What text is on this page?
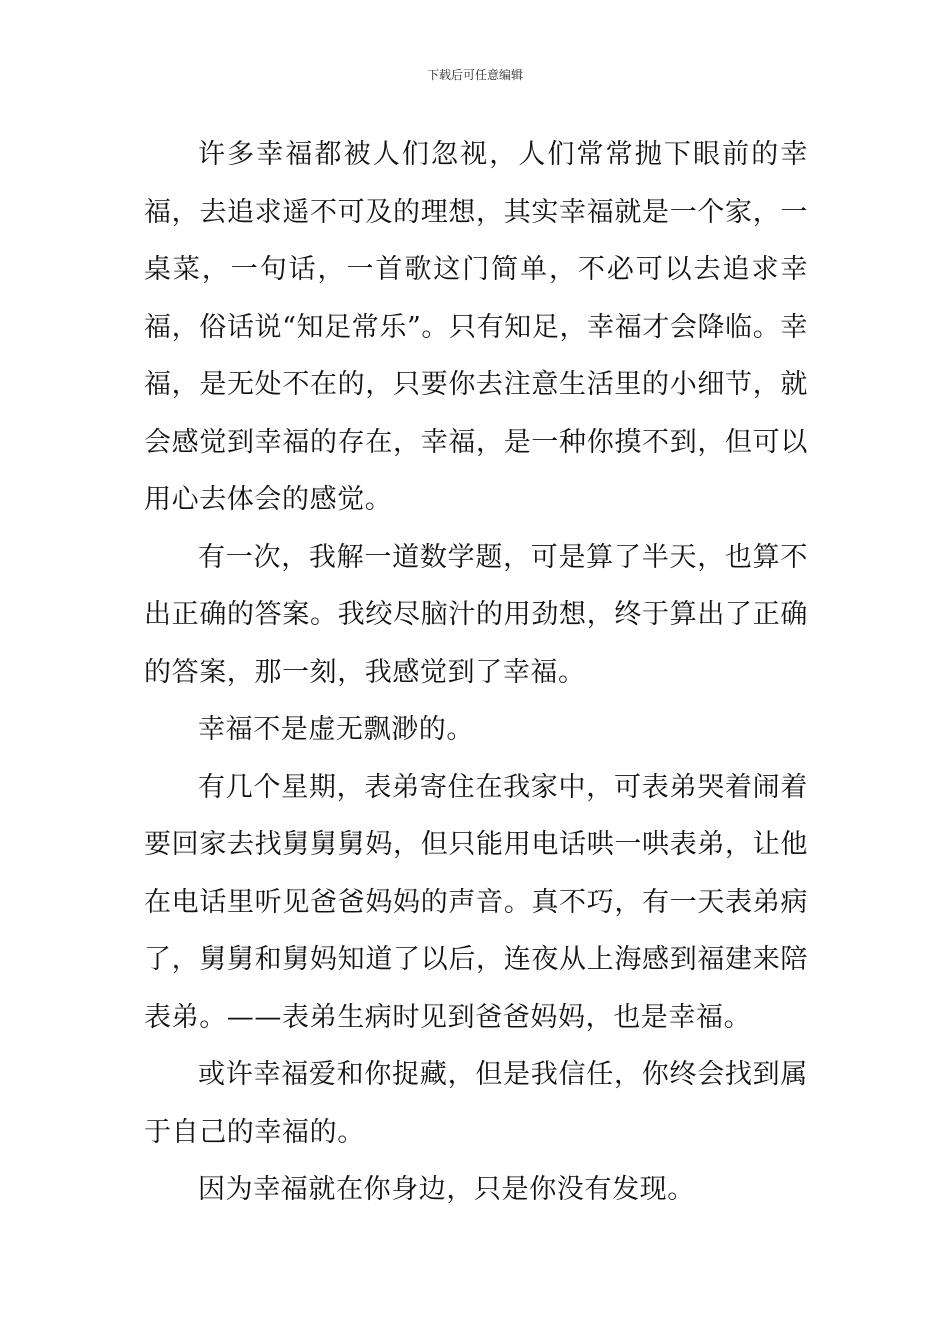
下载后可任意编辑

许多幸福都被人们忽视，人们常常抛下眼前的幸福，去追求遥不可及的理想，其实幸福就是一个家，一桌菜，一句话，一首歌这门简单，不必可以去追求幸福，俗话说“知足常乐”。只有知足，幸福才会降临。幸福，是无处不在的，只要你去注意生活里的小细节，就会感觉到幸福的存在，幸福，是一种你摸不到，但可以用心去体会的感觉。

有一次，我解一道数学题，可是算了半天，也算不出正确的答案。我绞尽脑汁的用劲想，终于算出了正确的答案，那一刻，我感觉到了幸福。

幸福不是虚无飘渺的。

有几个星期，表弟寄住在我家中，可表弟哭着闹着要回家去找舅舅舅妈，但只能用电话哄一哄表弟，让他在电话里听见爸爸妈妈的声音。真不巧，有一天表弟病了，舅舅和舅妈知道了以后，连夜从上海感到福建来陪表弟。——表弟生病时见到爸爸妈妈，也是幸福。

或许幸福爱和你捉藏，但是我信任，你终会找到属于自己的幸福的。

因为幸福就在你身边，只是你没有发现。
